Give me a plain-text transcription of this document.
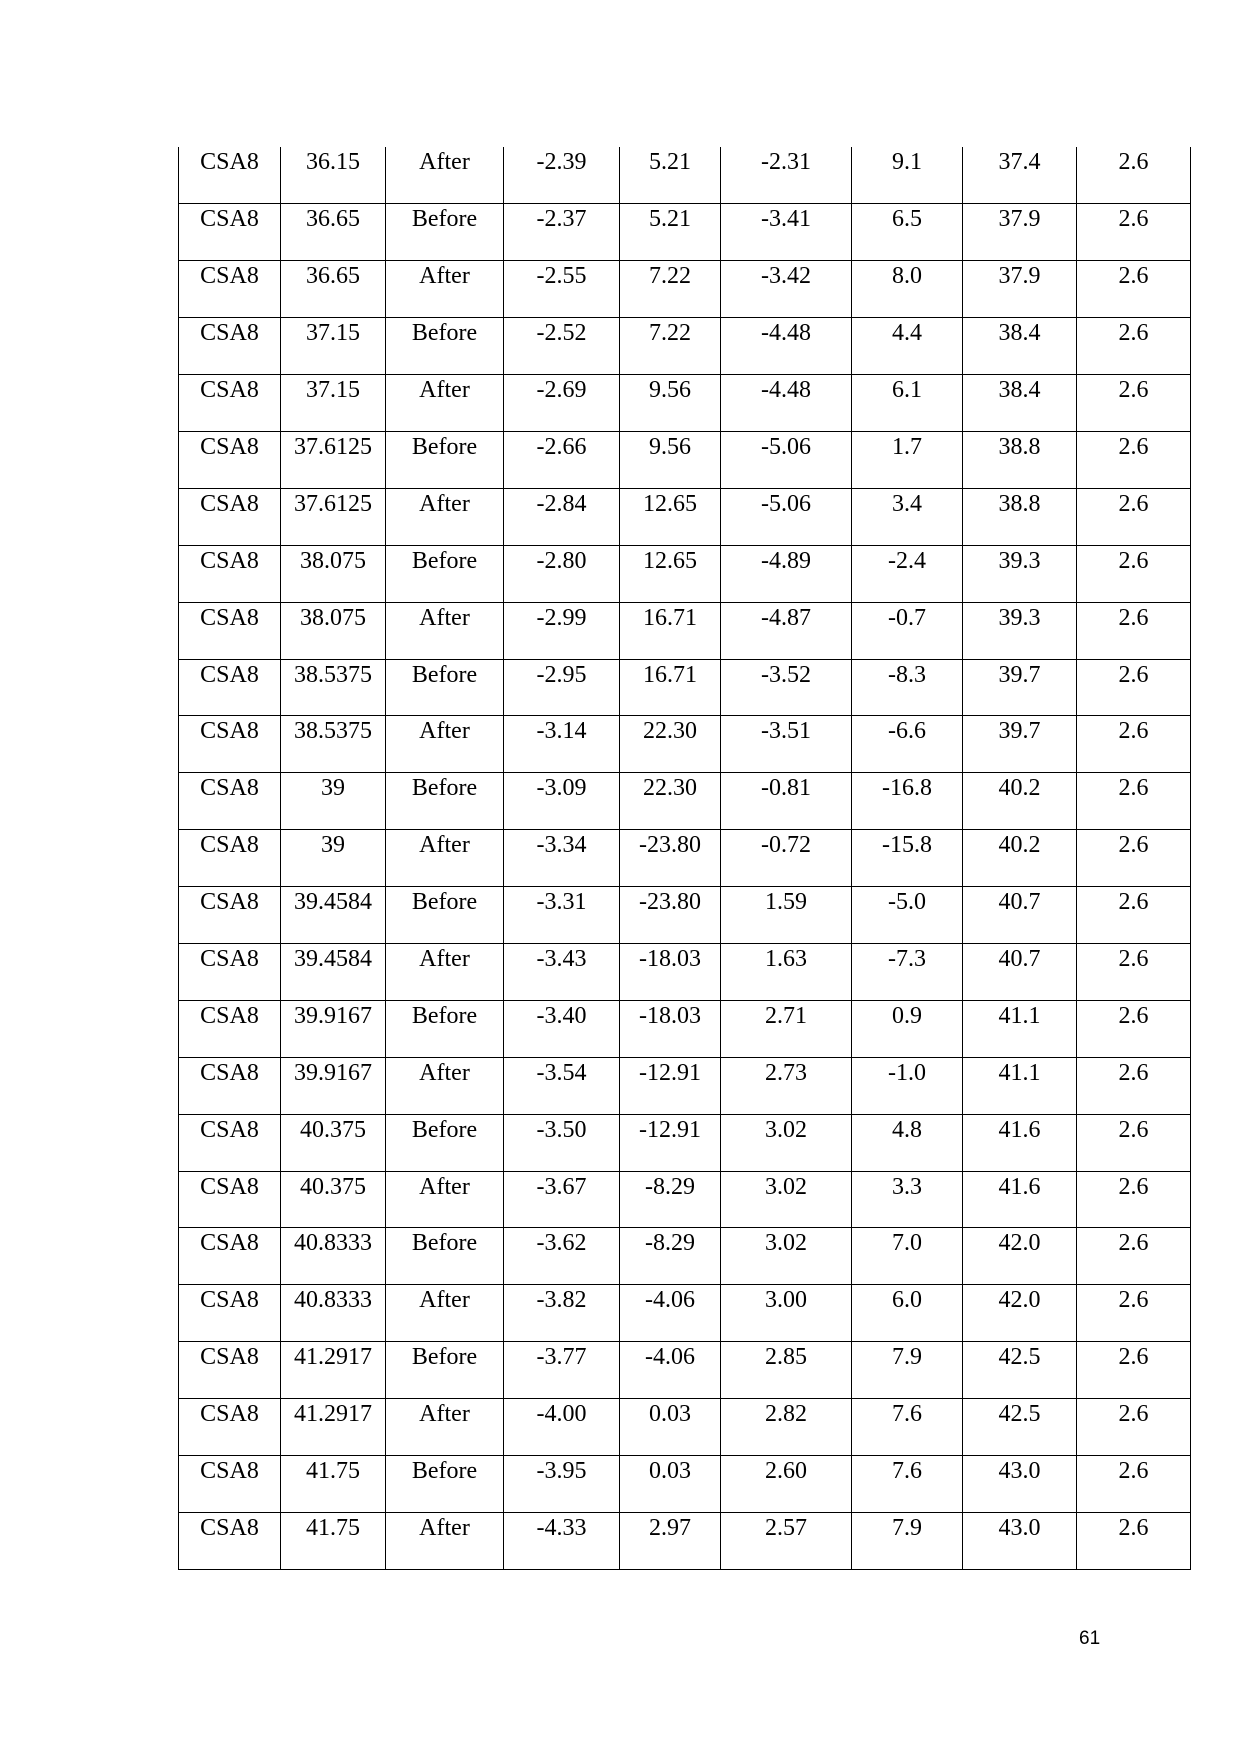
CSA8	36.15	After	-2.39	5.21	-2.31	9.1	37.4	2.6
CSA8	36.65	Before	-2.37	5.21	-3.41	6.5	37.9	2.6
CSA8	36.65	After	-2.55	7.22	-3.42	8.0	37.9	2.6
CSA8	37.15	Before	-2.52	7.22	-4.48	4.4	38.4	2.6
CSA8	37.15	After	-2.69	9.56	-4.48	6.1	38.4	2.6
CSA8	37.6125	Before	-2.66	9.56	-5.06	1.7	38.8	2.6
CSA8	37.6125	After	-2.84	12.65	-5.06	3.4	38.8	2.6
CSA8	38.075	Before	-2.80	12.65	-4.89	-2.4	39.3	2.6
CSA8	38.075	After	-2.99	16.71	-4.87	-0.7	39.3	2.6
CSA8	38.5375	Before	-2.95	16.71	-3.52	-8.3	39.7	2.6
CSA8	38.5375	After	-3.14	22.30	-3.51	-6.6	39.7	2.6
CSA8	39	Before	-3.09	22.30	-0.81	-16.8	40.2	2.6
CSA8	39	After	-3.34	-23.80	-0.72	-15.8	40.2	2.6
CSA8	39.4584	Before	-3.31	-23.80	1.59	-5.0	40.7	2.6
CSA8	39.4584	After	-3.43	-18.03	1.63	-7.3	40.7	2.6
CSA8	39.9167	Before	-3.40	-18.03	2.71	0.9	41.1	2.6
CSA8	39.9167	After	-3.54	-12.91	2.73	-1.0	41.1	2.6
CSA8	40.375	Before	-3.50	-12.91	3.02	4.8	41.6	2.6
CSA8	40.375	After	-3.67	-8.29	3.02	3.3	41.6	2.6
CSA8	40.8333	Before	-3.62	-8.29	3.02	7.0	42.0	2.6
CSA8	40.8333	After	-3.82	-4.06	3.00	6.0	42.0	2.6
CSA8	41.2917	Before	-3.77	-4.06	2.85	7.9	42.5	2.6
CSA8	41.2917	After	-4.00	0.03	2.82	7.6	42.5	2.6
CSA8	41.75	Before	-3.95	0.03	2.60	7.6	43.0	2.6
CSA8	41.75	After	-4.33	2.97	2.57	7.9	43.0	2.6
61
